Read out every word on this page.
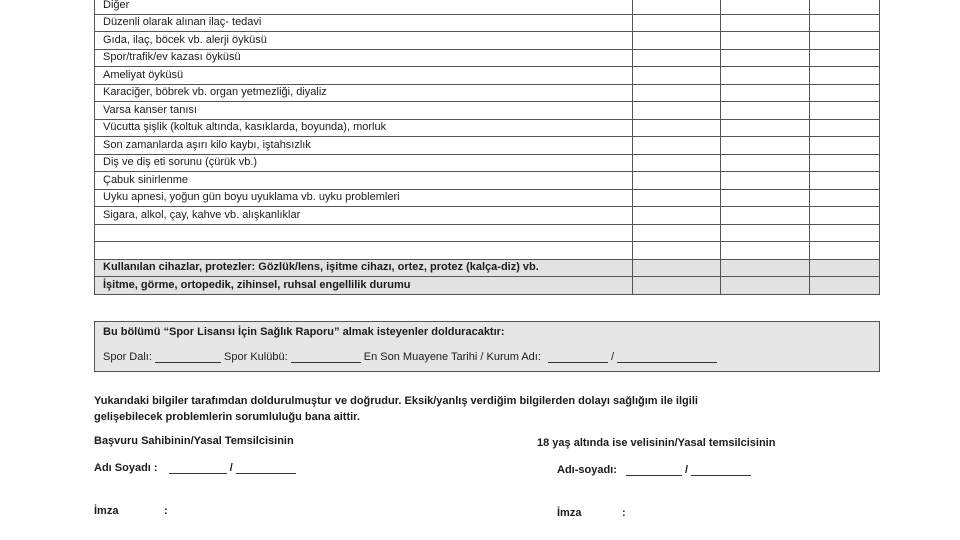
Diğer			
Düzenli olarak alınan ilaç- tedavi			
Gıda, ilaç, böcek vb. alerji öyküsü			
Spor/trafik/ev kazası öyküsü			
Ameliyat öyküsü			
Karaciğer, böbrek vb. organ yetmezliği, diyaliz			
Varsa kanser tanısı			
Vücutta şişlik (koltuk altında, kasıklarda, boyunda), morluk			
Son zamanlarda aşırı kilo kaybı, iştahsızlık			
Diş ve diş eti sorunu (çürük vb.)			
Çabuk sinirlenme			
Uyku apnesi, yoğun gün boyu uyuklama vb. uyku problemleri			
Sigara, alkol, çay, kahve vb. alışkanlıklar			

Kullanılan cihazlar, protezler: Gözlük/lens, işitme cihazı, ortez, protez (kalça-diz) vb.			
İşitme, görme, ortopedik, zihinsel, ruhsal engellilik durumu			
Bu bölümü “Spor Lisansı İçin Sağlık Raporu” almak isteyenler dolduracaktır:
Spor Dalı:	Spor Kulübü:	En Son Muayene Tarihi / Kurum Adı:	/
Yukarıdaki bilgiler tarafımdan doldurulmuştur ve doğrudur. Eksik/yanlış verdiğim bilgilerden dolayı sağlığım ile ilgili
gelişebilecek problemlerin sorumluluğu bana aittir.
Başvuru Sahibinin/Yasal Temsilcisinin
Adı Soyadı :	/
İmza	:
18 yaş altında ise velisinin/Yasal temsilcisinin
Adı-soyadı:	/
İmza	:
